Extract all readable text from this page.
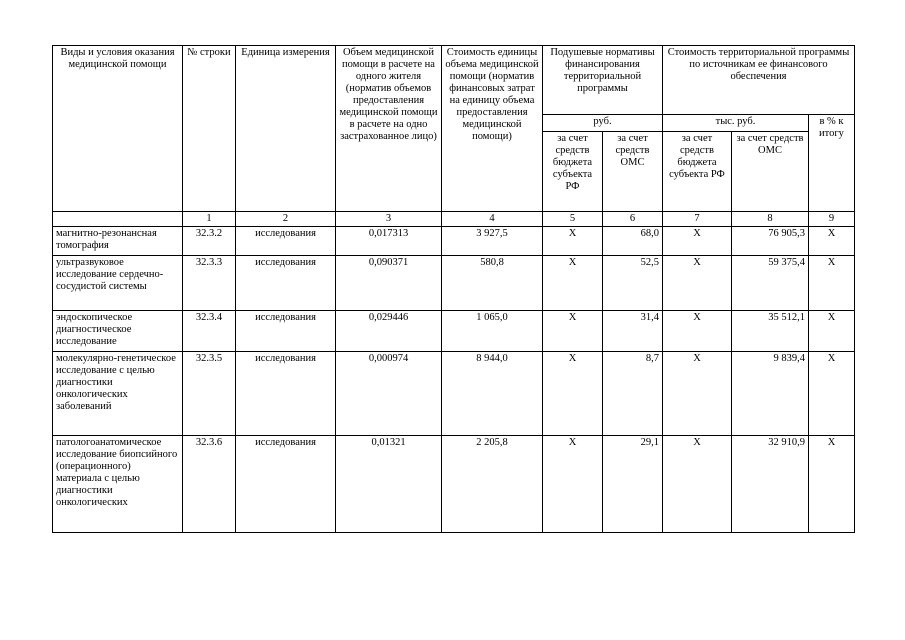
Виды и условия оказания медицинской помощи	№ строки	Единица измерения	Объем медицинской помощи в расчете на одного жителя (норматив объемов предоставления медицинской помощи в расчете на одно застрахованное лицо)	Стоимость единицы объема медицинской помощи (норматив финансовых затрат на единицу объема предоставления медицинской помощи)	Подушевые нормативы финансирования территориальной программы		Стоимость территориальной программы по источникам ее финансового обеспечения		
					руб.		тыс. руб.		в % к итогу
					за счет средств бюджета субъекта РФ	за счет средств ОМС	за счет средств бюджета субъекта РФ	за счет средств ОМС	
	1	2	3	4	5	6	7	8	9
магнитно-резонансная томография	32.3.2	исследования	0,017313	3 927,5	X	68,0	X	76 905,3	X
ультразвуковое исследование сердечно-сосудистой системы	32.3.3	исследования	0,090371	580,8	X	52,5	X	59 375,4	X
эндоскопическое диагностическое исследование	32.3.4	исследования	0,029446	1 065,0	X	31,4	X	35 512,1	X
молекулярно-генетическое исследование с целью диагностики онкологических заболеваний	32.3.5	исследования	0,000974	8 944,0	X	8,7	X	9 839,4	X
патологоанатомическое исследование биопсийного (операционного) материала с целью диагностики онкологических	32.3.6	исследования	0,01321	2 205,8	X	29,1	X	32 910,9	X
